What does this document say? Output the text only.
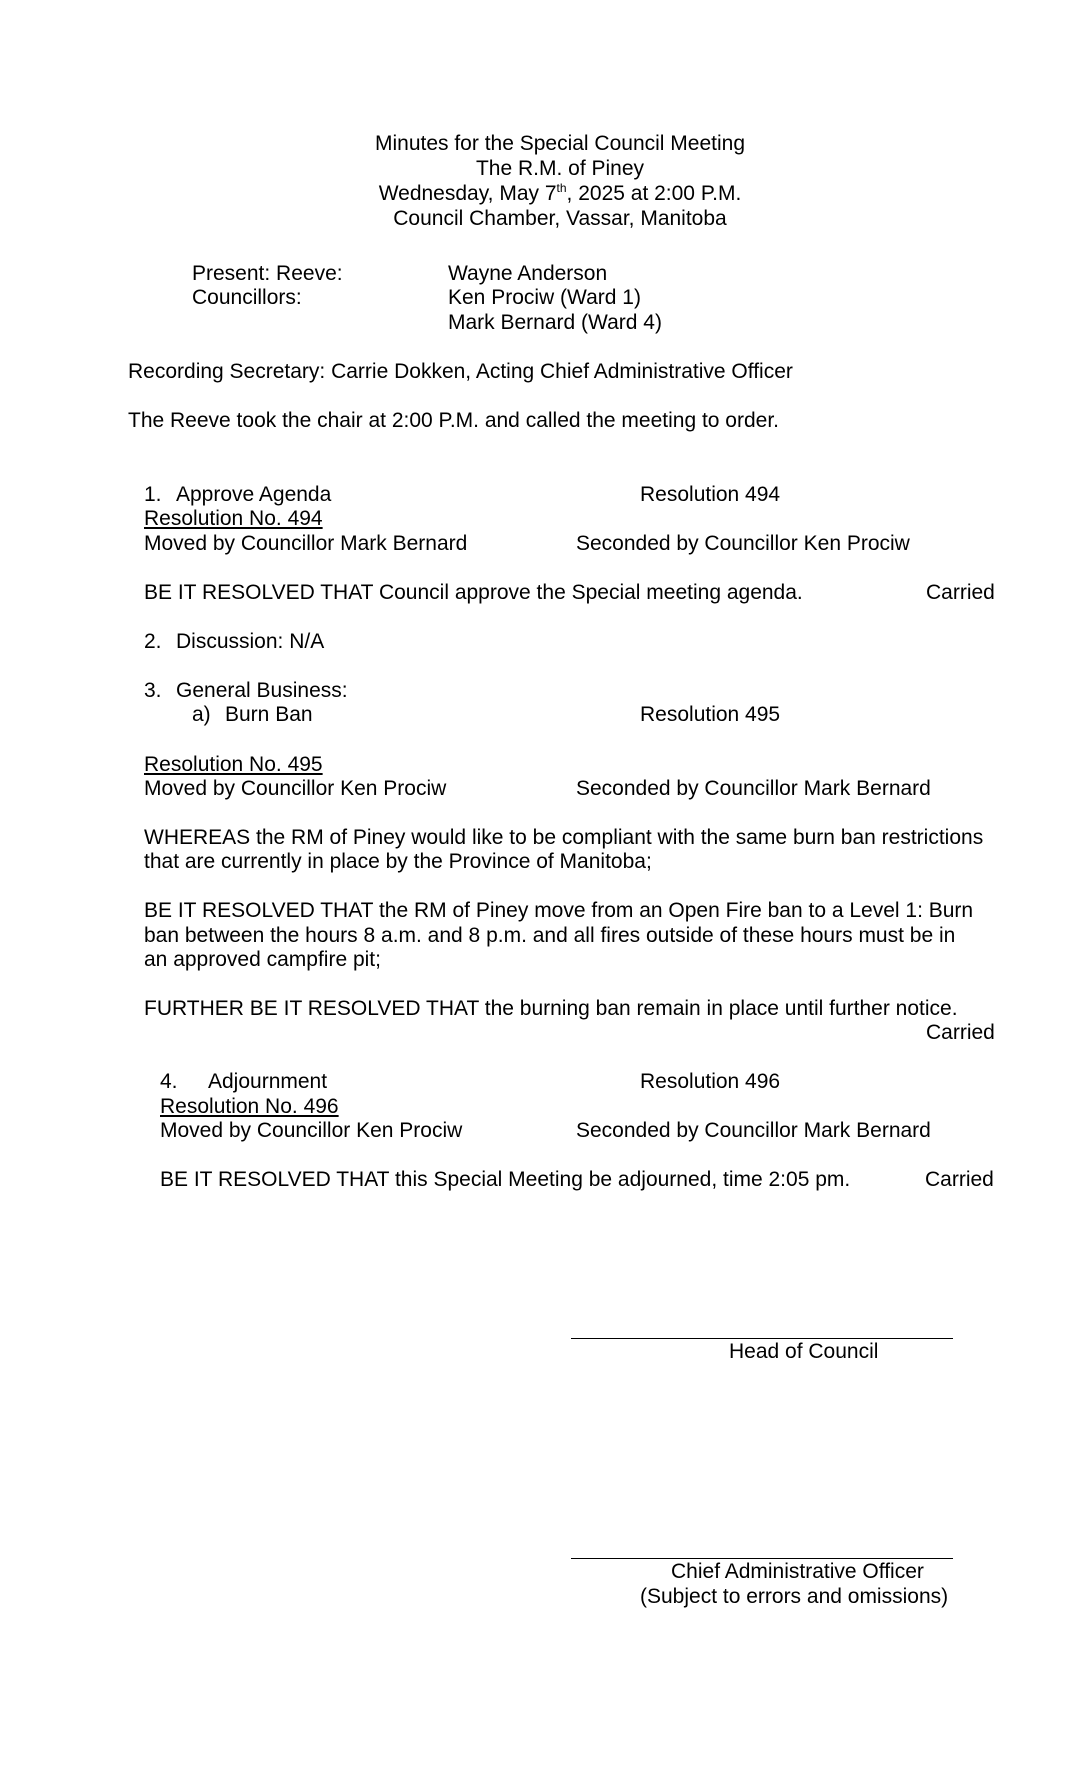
Minutes for the Special Council Meeting
The R.M. of Piney
Wednesday, May 7th, 2025 at 2:00 P.M.
Council Chamber, Vassar, Manitoba
Present: Reeve:	Wayne Anderson
Councillors:	Ken Prociw (Ward 1)
Mark Bernard (Ward 4)
Recording Secretary: Carrie Dokken, Acting Chief Administrative Officer
The Reeve took the chair at 2:00 P.M. and called the meeting to order.
1. Approve Agenda	Resolution 494
Resolution No. 494
Moved by Councillor Mark Bernard	Seconded by Councillor Ken Prociw
BE IT RESOLVED THAT Council approve the Special meeting agenda.	Carried
2. Discussion: N/A
3. General Business:
a) Burn Ban	Resolution 495
Resolution No. 495
Moved by Councillor Ken Prociw	Seconded by Councillor Mark Bernard
WHEREAS the RM of Piney would like to be compliant with the same burn ban restrictions
that are currently in place by the Province of Manitoba;
BE IT RESOLVED THAT the RM of Piney move from an Open Fire ban to a Level 1: Burn
ban between the hours 8 a.m. and 8 p.m. and all fires outside of these hours must be in
an approved campfire pit;
FURTHER BE IT RESOLVED THAT the burning ban remain in place until further notice.
Carried
4. Adjournment	Resolution 496
Resolution No. 496
Moved by Councillor Ken Prociw	Seconded by Councillor Mark Bernard
BE IT RESOLVED THAT this Special Meeting be adjourned, time 2:05 pm.	Carried
Head of Council
Chief Administrative Officer
(Subject to errors and omissions)
